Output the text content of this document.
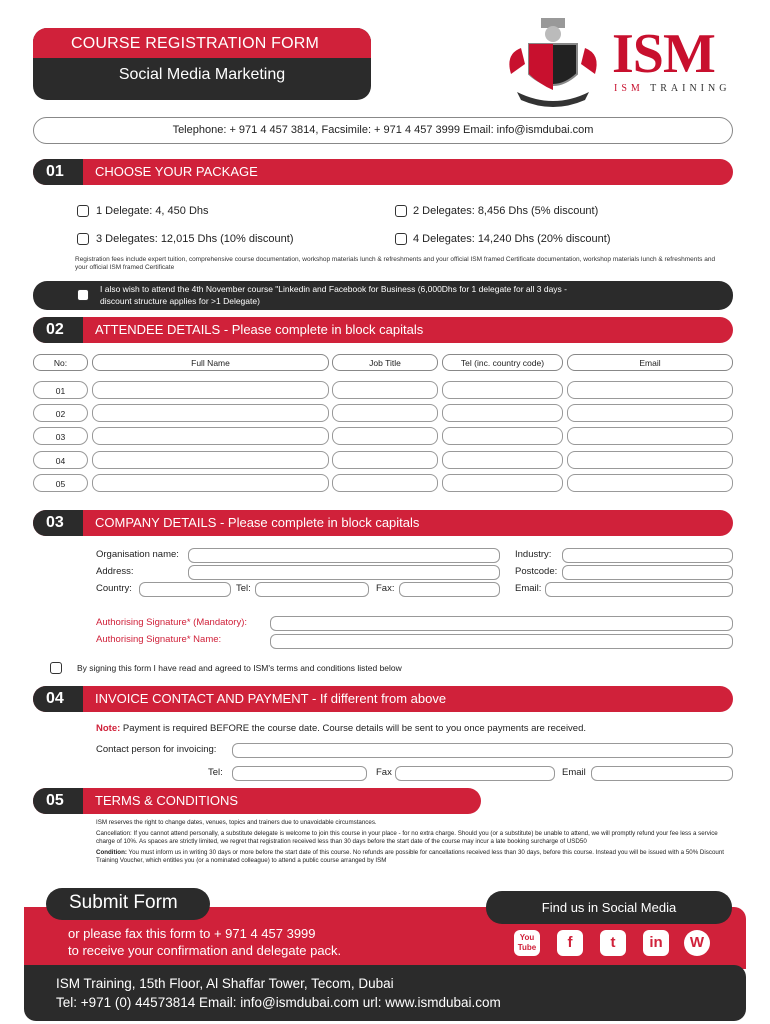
COURSE REGISTRATION FORM
Social Media Marketing	ISM
ISM TRAINING
Telephone: + 971 4 457 3814, Facsimile: + 971 4 457 3999 Email: info@ismdubai.com
01	CHOOSE YOUR PACKAGE
1 Delegate: 4, 450 Dhs	2 Delegates: 8,456 Dhs (5% discount)
3 Delegates: 12,015 Dhs (10% discount)	4 Delegates: 14,240 Dhs (20% discount)
Registration fees include expert tuition, comprehensive course documentation, workshop materials lunch & refreshments and your official ISM framed Certificate documentation, workshop materials lunch & refreshments and your official ISM framed Certificate
I also wish to attend the 4th November course "Linkedin and Facebook for Business (6,000Dhs for 1 delegate for all 3 days -
discount structure applies for >1 Delegate)
02	ATTENDEE DETAILS - Please complete in block capitals
No:	Full Name	Job Title	Tel (inc. country code)	Email
01
02
03
04
05
03	COMPANY DETAILS - Please complete in block capitals
Organisation name:	Industry:
Address:	Postcode:
Country:	Tel:	Fax:	Email:
Authorising Signature* (Mandatory):
Authorising Signature* Name:
By signing this form I have read and agreed to ISM's terms and conditions listed below
04	INVOICE CONTACT AND PAYMENT - If different from above
Note: Payment is required BEFORE the course date. Course details will be sent to you once payments are received.
Contact person for invoicing:
Tel:	Fax	Email
05	TERMS & CONDITIONS

ISM reserves the right to change dates, venues, topics and trainers due to unavoidable circumstances.

Cancellation: If you cannot attend personally, a substitute delegate is welcome to join this course in your place - for no extra charge. Should you (or a substitute) be unable to attend, we will promptly refund your fee less a service charge of 10%. As spaces are strictly limited, we regret that registration received less than 30 days before the start date of the course may incur a late booking surcharge of USD50

Condition: You must inform us in writing 30 days or more before the start date of this course. No refunds are possible for cancellations received less than 30 days, before this course. Instead you will be issued with a 50% Discount Training Voucher, which entitles you (or a nominated colleague) to attend a public course arranged by ISM

Submit Form	Find us in Social Media
or please fax this form to + 971 4 457 3999
to receive your confirmation and delegate pack.
You Tube	f	t	in	W
ISM Training, 15th Floor, Al Shaffar Tower, Tecom, Dubai
Tel: +971 (0) 44573814 Email: info@ismdubai.com url: www.ismdubai.com
